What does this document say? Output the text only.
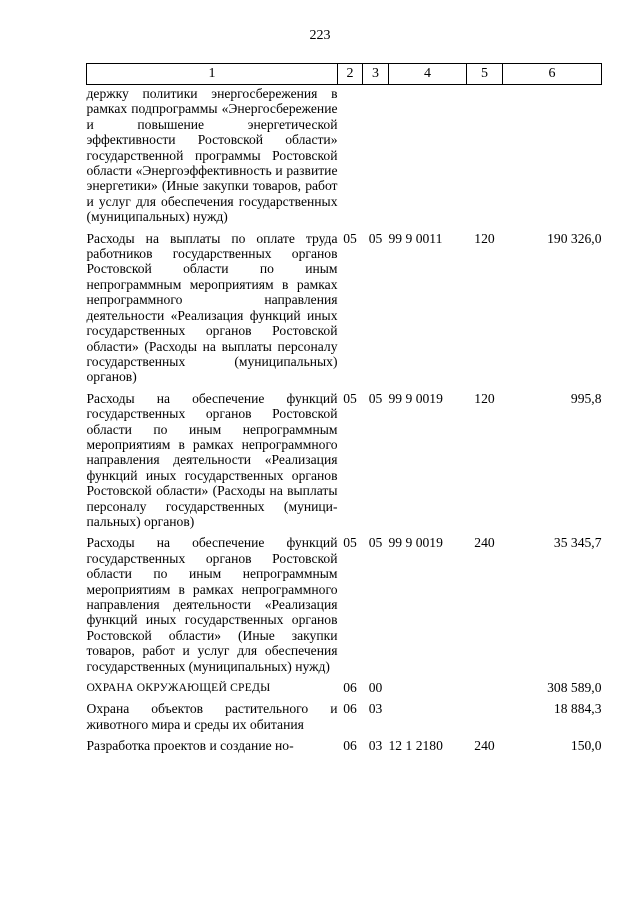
223
1	2	3	4	5	6
держку политики энергосбережения в рамках подпрограммы «Энергосбережение и повышение энергетической эффективности Ростовской области» государственной программы Ростовской области «Энергоэффективность и развитие энергетики» (Иные закупки товаров, работ и услуг для обеспечения государственных (муниципальных) нужд)					
Расходы на выплаты по оплате труда работников государственных органов Ростовской области по иным непрограммным мероприятиям в рамках непрограммного направления деятельности «Реализация функций иных государственных органов Ростовской области» (Расходы на выплаты персоналу государственных (муниципальных) органов)	05	05	99 9 0011	120	190 326,0
Расходы на обеспечение функций государственных органов Ростовской области по иным непрограммным мероприятиям в рамках непрограммного направления деятельности «Реализация функций иных государственных органов Ростовской области» (Расходы на выплаты персоналу государственных (муниципальных) органов)	05	05	99 9 0019	120	995,8
Расходы на обеспечение функций государственных органов Ростовской области по иным непрограммным мероприятиям в рамках непрограммного направления деятельности «Реализация функций иных государственных органов Ростовской области» (Иные закупки товаров, работ и услуг для обеспечения государственных (муниципальных) нужд)	05	05	99 9 0019	240	35 345,7
ОХРАНА ОКРУЖАЮЩЕЙ СРЕДЫ	06	00			308 589,0
Охрана объектов растительного и животного мира и среды их обитания	06	03			18 884,3
Разработка проектов и создание но-	06	03	12 1 2180	240	150,0
